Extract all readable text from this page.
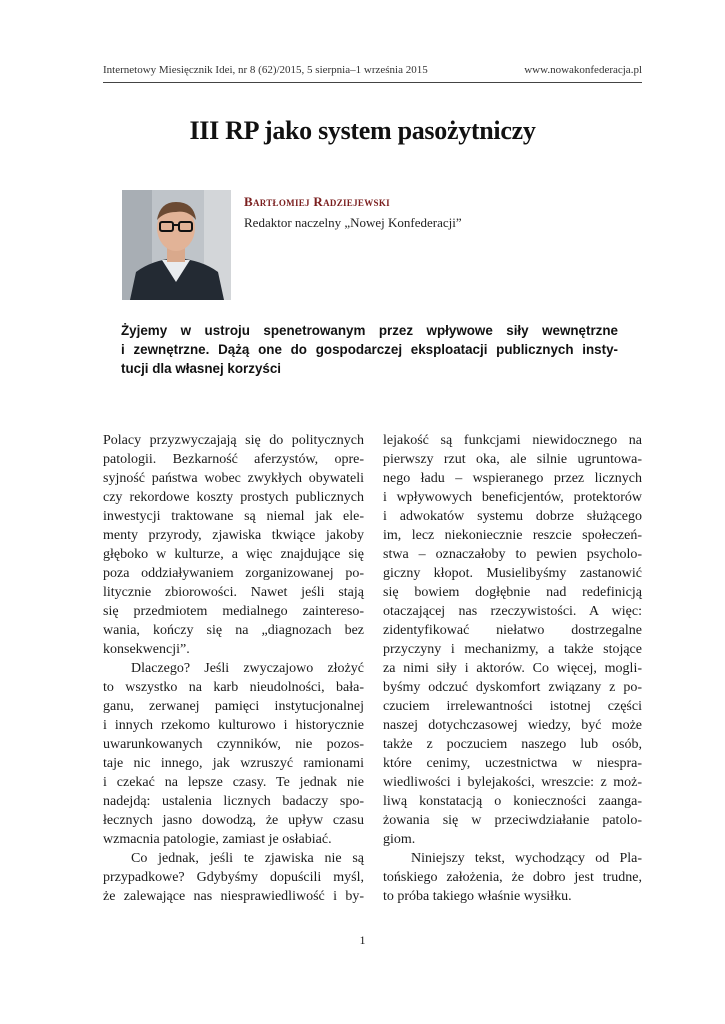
Internetowy Miesięcznik Idei, nr 8 (62)/2015, 5 sierpnia–1 września 2015	www.nowakonfederacja.pl
III RP jako system pasożytniczy
Bartłomiej Radziejewski
Redaktor naczelny „Nowej Konfederacji”
Żyjemy w ustroju spenetrowanym przez wpływowe siły wewnętrzne
i zewnętrzne. Dążą one do gospodarczej eksploatacji publicznych insty-
tucji dla własnej korzyści
Polacy przyzwyczajają się do politycznych
patologii. Bezkarność aferzystów, opre-
syjność państwa wobec zwykłych obywateli
czy rekordowe koszty prostych publicznych
inwestycji traktowane są niemal jak ele-
menty przyrody, zjawiska tkwiące jakoby
głęboko w kulturze, a więc znajdujące się
poza oddziaływaniem zorganizowanej po-
litycznie zbiorowości. Nawet jeśli stają
się przedmiotem medialnego zaintereso-
wania, kończy się na „diagnozach bez
konsekwencji”.
Dlaczego? Jeśli zwyczajowo złożyć
to wszystko na karb nieudolności, bała-
ganu, zerwanej pamięci instytucjonalnej
i innych rzekomo kulturowo i historycznie
uwarunkowanych czynników, nie pozos-
taje nic innego, jak wzruszyć ramionami
i czekać na lepsze czasy. Te jednak nie
nadejdą: ustalenia licznych badaczy spo-
łecznych jasno dowodzą, że upływ czasu
wzmacnia patologie, zamiast je osłabiać.
Co jednak, jeśli te zjawiska nie są
przypadkowe? Gdybyśmy dopuścili myśl,
że zalewające nas niesprawiedliwość i by-
lejakość są funkcjami niewidocznego na
pierwszy rzut oka, ale silnie ugruntowa-
nego ładu – wspieranego przez licznych
i wpływowych beneficjentów, protektorów
i adwokatów systemu dobrze służącego
im, lecz niekoniecznie reszcie społeczeń-
stwa – oznaczałoby to pewien psycholo-
giczny kłopot. Musielibyśmy zastanowić
się bowiem dogłębnie nad redefinicją
otaczającej nas rzeczywistości. A więc:
zidentyfikować niełatwo dostrzegalne
przyczyny i mechanizmy, a także stojące
za nimi siły i aktorów. Co więcej, mogli-
byśmy odczuć dyskomfort związany z po-
czuciem irrelewantności istotnej części
naszej dotychczasowej wiedzy, być może
także z poczuciem naszego lub osób,
które cenimy, uczestnictwa w niespra-
wiedliwości i bylejakości, wreszcie: z moż-
liwą konstatacją o konieczności zaanga-
żowania się w przeciwdziałanie patolo-
giom.
Niniejszy tekst, wychodzący od Pla-
tońskiego założenia, że dobro jest trudne,
to próba takiego właśnie wysiłku.
1
